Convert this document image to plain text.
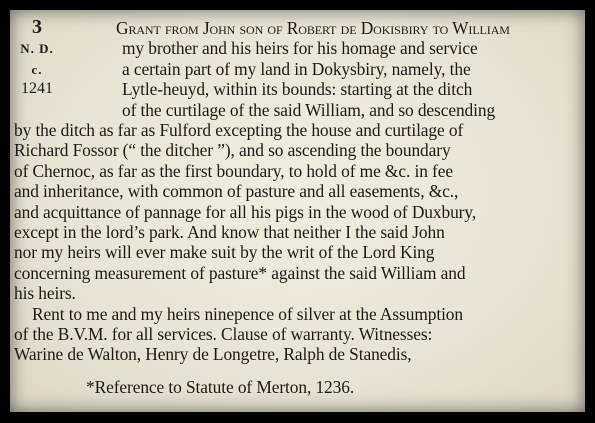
3
N. D.
c.
1241
Grant from John son of Robert de Dokisbiry to William
my brother and his heirs for his homage and service
a certain part of my land in Dokysbiry, namely, the
Lytle-heuyd, within its bounds: starting at the ditch
of the curtilage of the said William, and so descending
by the ditch as far as Fulford excepting the house and curtilage of
Richard Fossor (“ the ditcher ”), and so ascending the boundary
of Chernoc, as far as the first boundary, to hold of me &c. in fee
and inheritance, with common of pasture and all easements, &c.,
and acquittance of pannage for all his pigs in the wood of Duxbury,
except in the lord’s park. And know that neither I the said John
nor my heirs will ever make suit by the writ of the Lord King
concerning measurement of pasture* against the said William and
his heirs.
Rent to me and my heirs ninepence of silver at the Assumption
of the B.V.M. for all services. Clause of warranty. Witnesses:
Warine de Walton, Henry de Longetre, Ralph de Stanedis,
*Reference to Statute of Merton, 1236.
